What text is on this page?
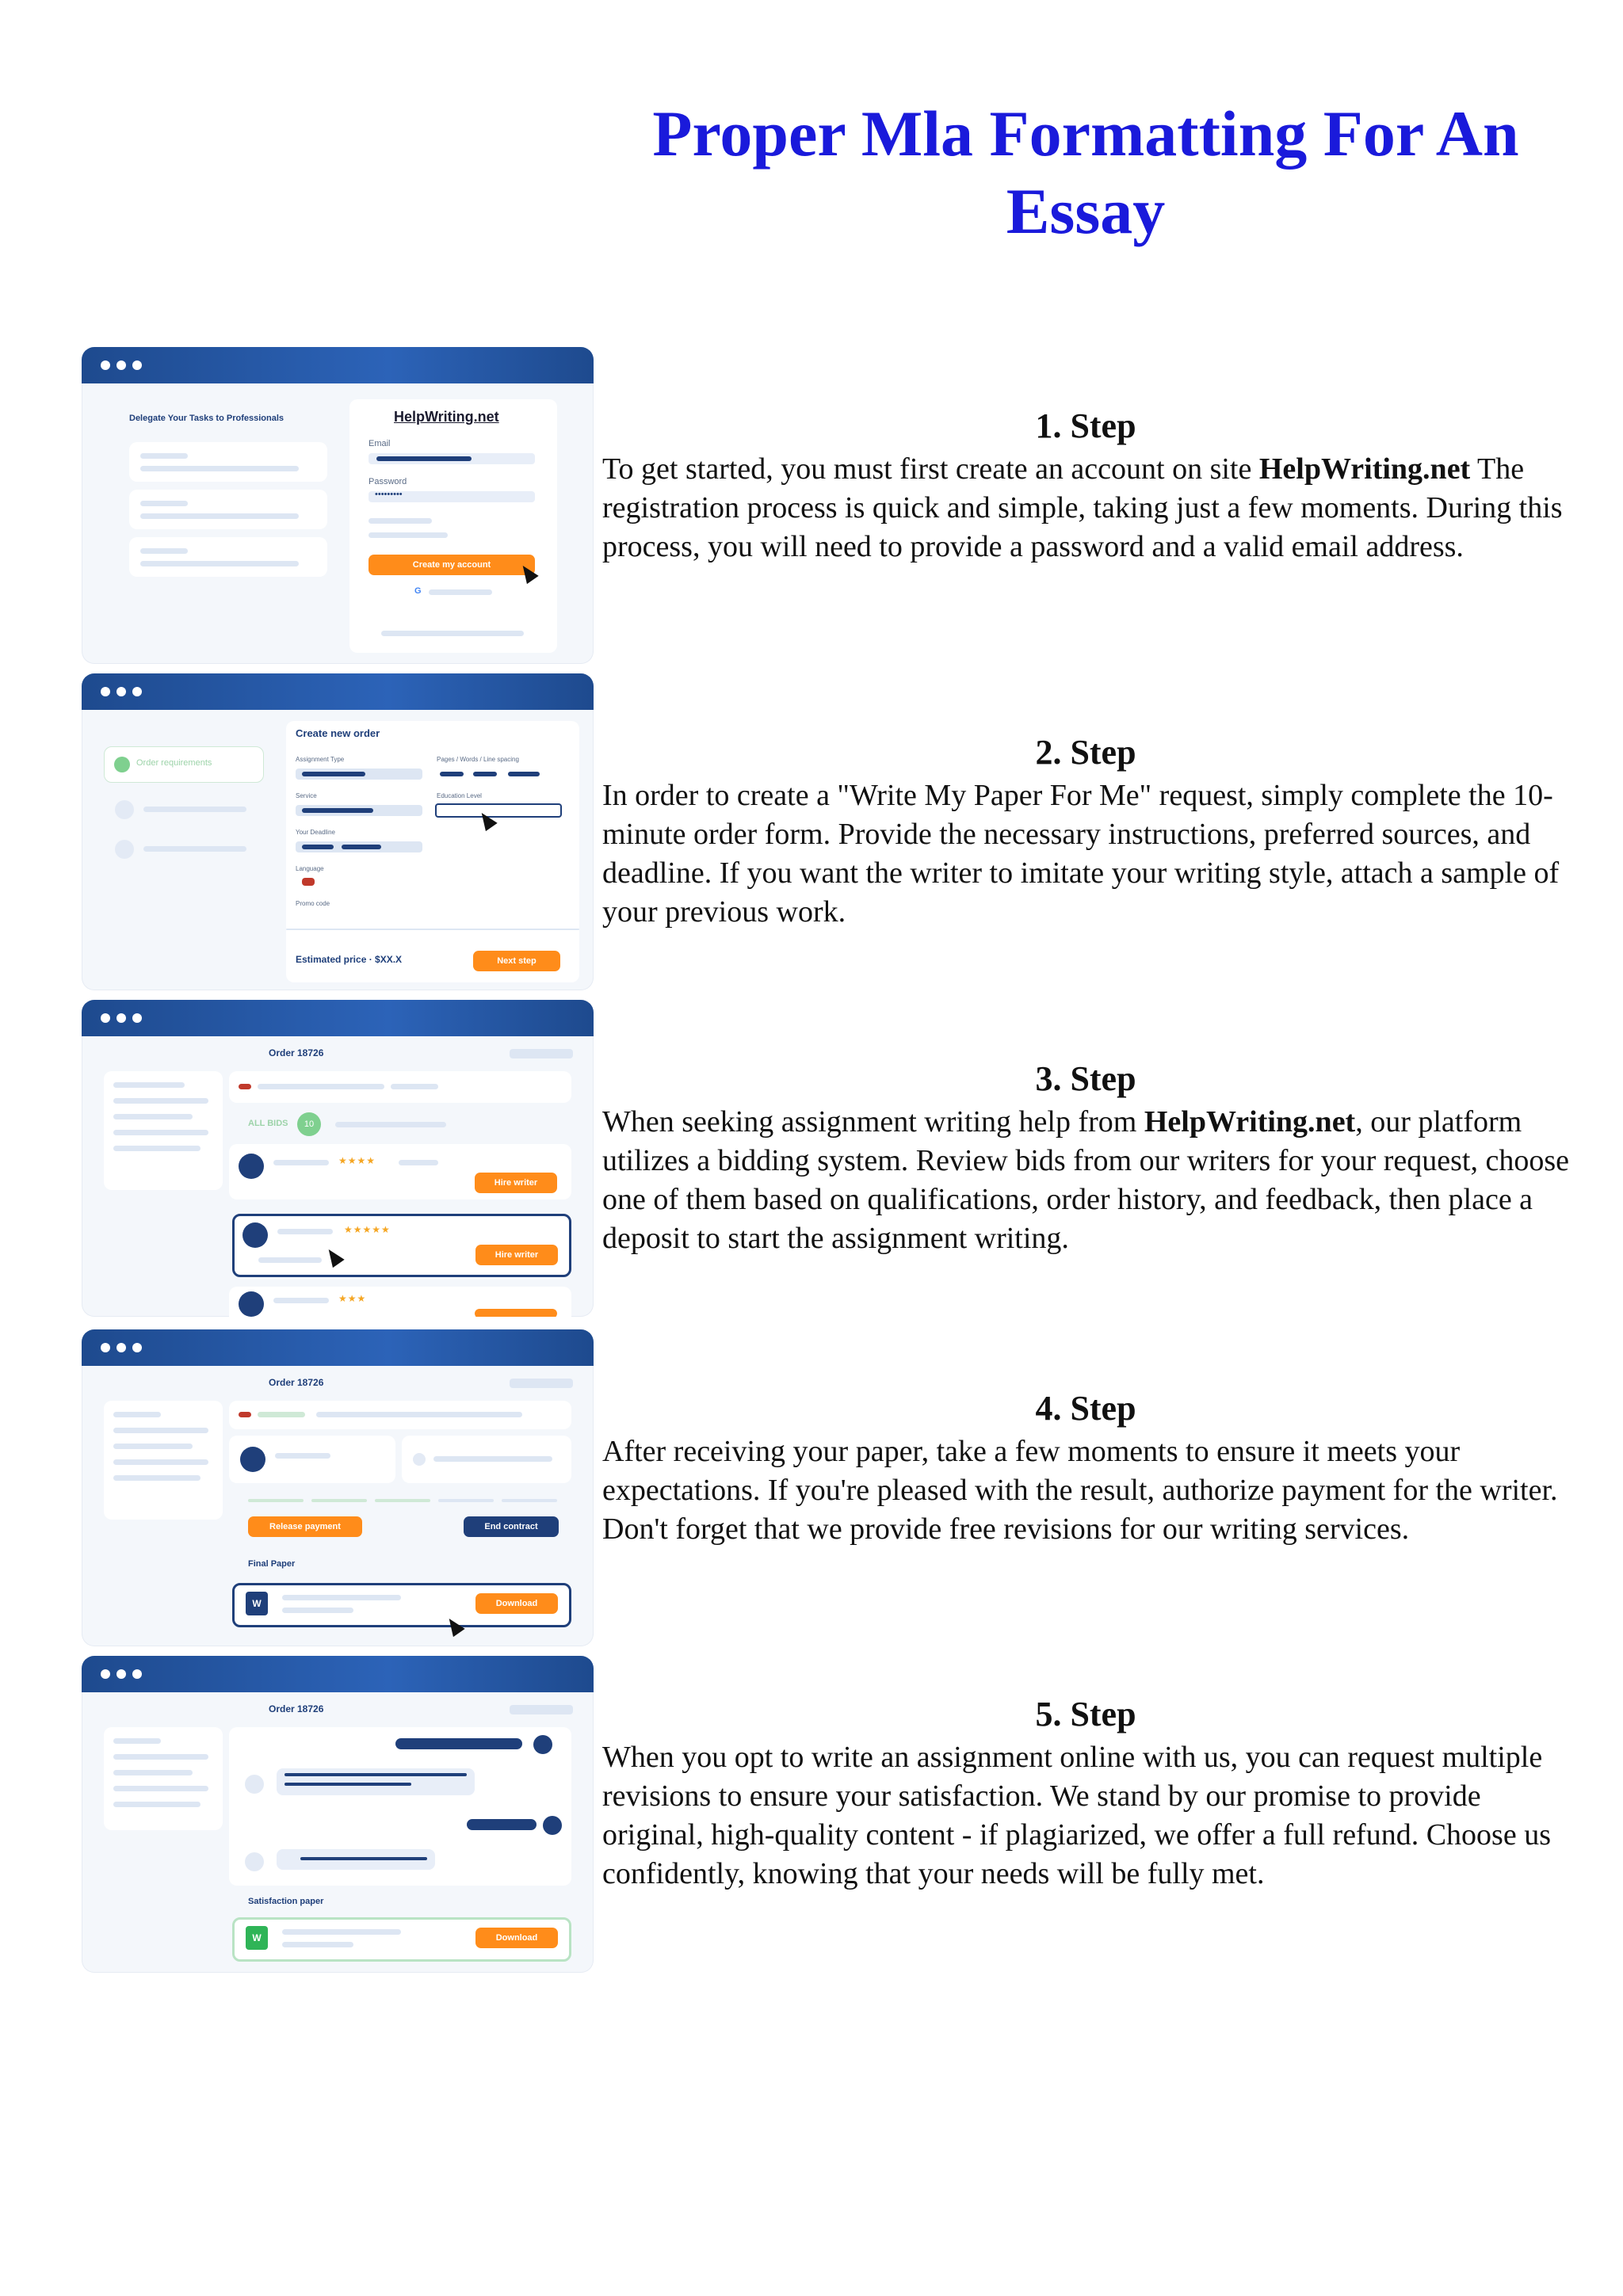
Proper Mla Formatting For An Essay
Delegate Your Tasks to Professionals	HelpWriting.net
Email
Password
•••••••••
Create my account
G
1. Step

To get started, you must first create an account on site HelpWriting.net The registration process is quick and simple, taking just a few moments. During this process, you will need to provide a password and a valid email address.

Order requirements
Create new order
Assignment Type	Pages / Words / Line spacing
Service	Education Level
Your Deadline
Language
Promo code
Estimated price · $XX.X	Next step
2. Step

In order to create a "Write My Paper For Me" request, simply complete the 10-minute order form. Provide the necessary instructions, preferred sources, and deadline. If you want the writer to imitate your writing style, attach a sample of your previous work.

Order 18726
ALL BIDS	10
★★★★
Hire writer
★★★★★
Hire writer
★★★
3. Step

When seeking assignment writing help from HelpWriting.net, our platform utilizes a bidding system. Review bids from our writers for your request, choose one of them based on qualifications, order history, and feedback, then place a deposit to start the assignment writing.

Order 18726
Release payment	End contract
Final Paper
W	Download
4. Step

After receiving your paper, take a few moments to ensure it meets your expectations. If you're pleased with the result, authorize payment for the writer. Don't forget that we provide free revisions for our writing services.

Order 18726
Satisfaction paper
W	Download
5. Step

When you opt to write an assignment online with us, you can request multiple revisions to ensure your satisfaction. We stand by our promise to provide original, high-quality content - if plagiarized, we offer a full refund. Choose us confidently, knowing that your needs will be fully met.
